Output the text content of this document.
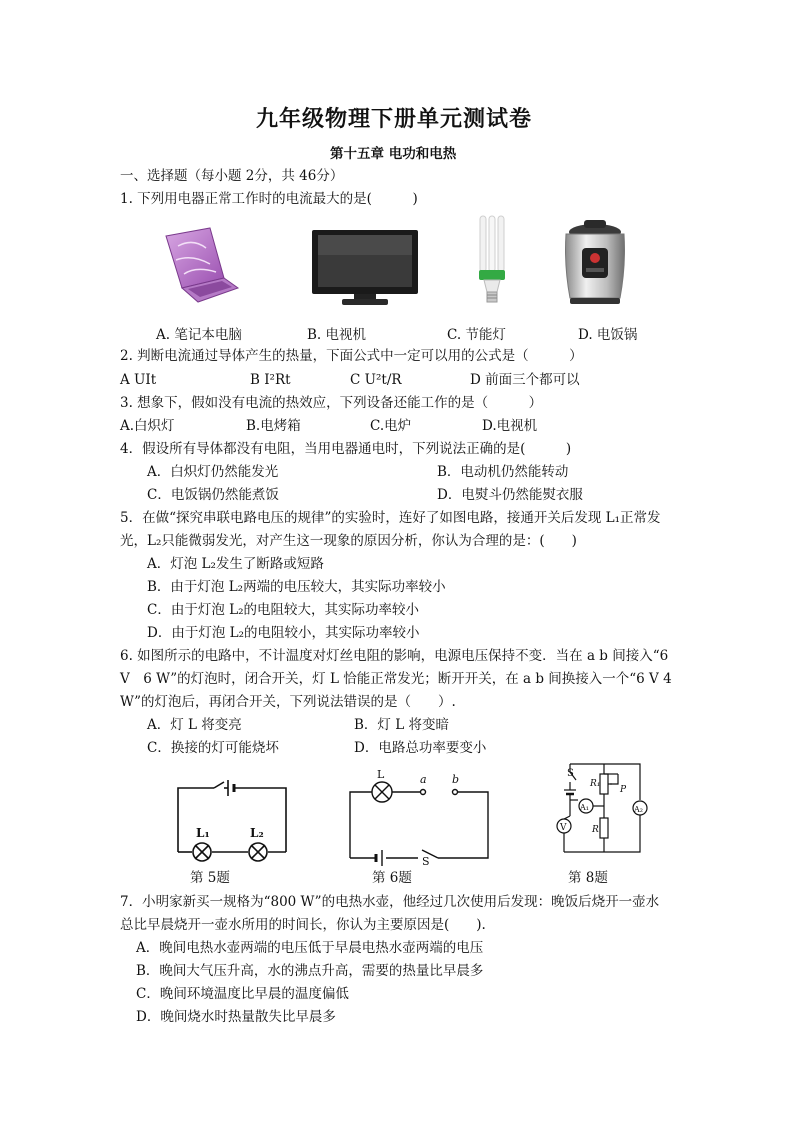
九年级物理下册单元测试卷
第十五章 电功和电热
一、选择题（每小题 2分，共 46分）
1. 下列用电器正常工作时的电流最大的是(　　　)
A. 笔记本电脑	B. 电视机	C. 节能灯	D. 电饭锅
2. 判断电流通过导体产生的热量，下面公式中一定可以用的公式是（　　　）
A UIt	B I²Rt	C U²t/R	D 前面三个都可以
3. 想象下，假如没有电流的热效应，下列设备还能工作的是（　　　）
A.白炽灯	B.电烤箱	C.电炉	D.电视机
4．假设所有导体都没有电阻，当用电器通电时，下列说法正确的是(　　　)
A．白炽灯仍然能发光	B．电动机仍然能转动
C．电饭锅仍然能煮饭	D．电熨斗仍然能熨衣服
5．在做“探究串联电路电压的规律”的实验时，连好了如图电路，接通开关后发现 L₁正常发
光，L₂只能微弱发光，对产生这一现象的原因分析，你认为合理的是：(　　)
A．灯泡 L₂发生了断路或短路
B．由于灯泡 L₂两端的电压较大，其实际功率较小
C．由于灯泡 L₂的电阻较大，其实际功率较小
D．由于灯泡 L₂的电阻较小，其实际功率较小
6. 如图所示的电路中，不计温度对灯丝电阻的影响，电源电压保持不变．当在 a b 间接入“6
V　6 W”的灯泡时，闭合开关，灯 L 恰能正常发光；断开开关，在 a b 间换接入一个“6 V 4
W”的灯泡后，再闭合开关，下列说法错误的是（　　）.
A．灯 L 将变亮	B．灯 L 将变暗
C．换接的灯可能烧坏	D．电路总功率要变小
L₁	L₂
第 5题
L	a b
S
第 6题
S
R₁
P
R
A₁	A₂
V
第 8题
7．小明家新买一规格为“800 W”的电热水壶，他经过几次使用后发现：晚饭后烧开一壶水
总比早晨烧开一壶水所用的时间长，你认为主要原因是(　　).
A．晚间电热水壶两端的电压低于早晨电热水壶两端的电压
B．晚间大气压升高，水的沸点升高，需要的热量比早晨多
C．晚间环境温度比早晨的温度偏低
D．晚间烧水时热量散失比早晨多
